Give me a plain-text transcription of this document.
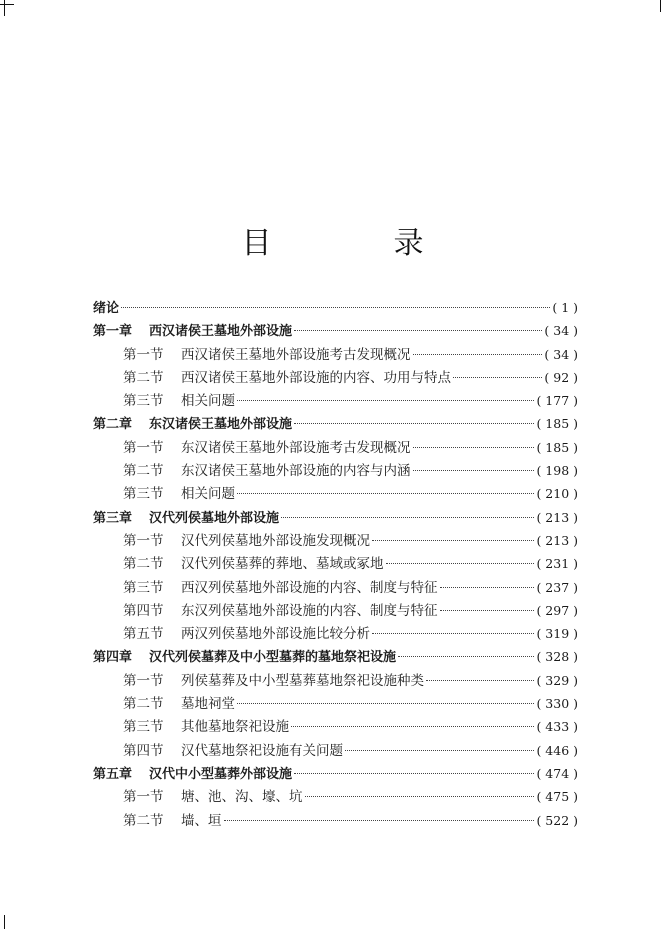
目　录
绪论	( 1 )
第一章	西汉诸侯王墓地外部设施	( 34 )
第一节	西汉诸侯王墓地外部设施考古发现概况	( 34 )
第二节	西汉诸侯王墓地外部设施的内容、功用与特点	( 92 )
第三节	相关问题	( 177 )
第二章	东汉诸侯王墓地外部设施	( 185 )
第一节	东汉诸侯王墓地外部设施考古发现概况	( 185 )
第二节	东汉诸侯王墓地外部设施的内容与内涵	( 198 )
第三节	相关问题	( 210 )
第三章	汉代列侯墓地外部设施	( 213 )
第一节	汉代列侯墓地外部设施发现概况	( 213 )
第二节	汉代列侯墓葬的葬地、墓域或冢地	( 231 )
第三节	西汉列侯墓地外部设施的内容、制度与特征	( 237 )
第四节	东汉列侯墓地外部设施的内容、制度与特征	( 297 )
第五节	两汉列侯墓地外部设施比较分析	( 319 )
第四章	汉代列侯墓葬及中小型墓葬的墓地祭祀设施	( 328 )
第一节	列侯墓葬及中小型墓葬墓地祭祀设施种类	( 329 )
第二节	墓地祠堂	( 330 )
第三节	其他墓地祭祀设施	( 433 )
第四节	汉代墓地祭祀设施有关问题	( 446 )
第五章	汉代中小型墓葬外部设施	( 474 )
第一节	塘、池、沟、壕、坑	( 475 )
第二节	墙、垣	( 522 )
